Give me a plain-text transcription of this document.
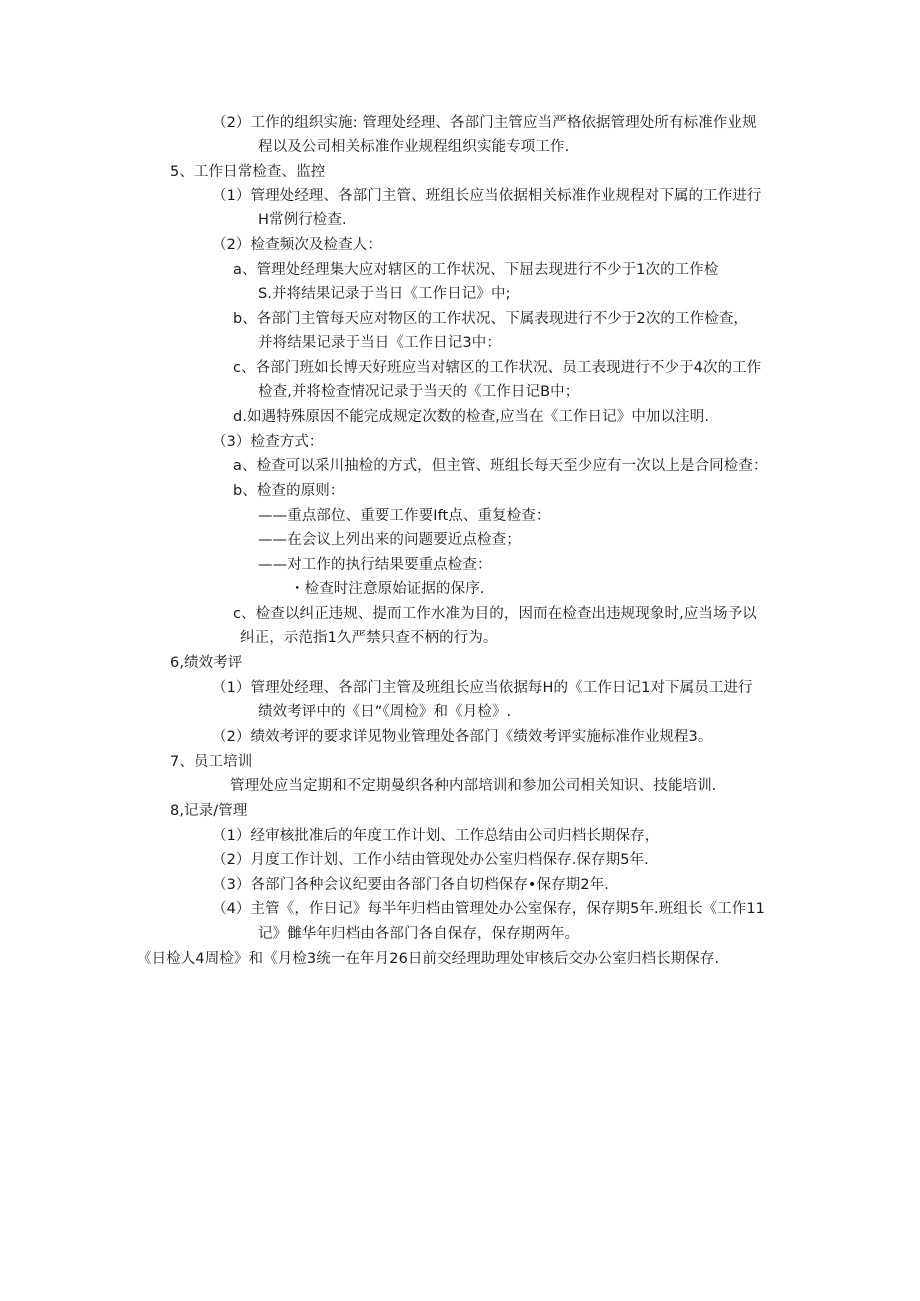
（2）工作的组织实施: 管理处经理、各部门主管应当严格依据管理处所有标准作业规
程以及公司相关标准作业规程组织实能专项工作.
5、工作日常检查、监控
（1）管理处经理、各部门主管、班组长应当依据相关标准作业规程对下属的工作进行
H常例行检查.
（2）检查频次及检查人：
a、管理处经理集大应对辖区的工作状况、下屈去现进行不少于1次的工作检
S.并将结果记录于当日《工作日记》中;
b、各部门主管每天应对物区的工作状况、下属表现进行不少于2次的工作检查，
并将结果记录于当日《工作日记3中：
c、各部门班如长博天好班应当对辖区的工作状况、员工表现进行不少于4次的工作
检查,并将检查情况记录于当天的《工作日记B中；
d.如遇特殊原因不能完成规定次数的检查,应当在《工作日记》中加以注明.
（3）检查方式：
a、检查可以采川抽检的方式，但主管、班组长每天至少应有一次以上是合同检查：
b、检查的原则：
——重点部位、重要工作要Ift点、重复检查：
——在会议上列出来的问题要近点检查；
——对工作的执行结果要重点检查：
・检查时注意原始证据的保序.
c、检查以纠正违规、提而工作水准为目的，因而在检查出违规现象时,应当场予以
纠正，示范指1久严禁只查不柄的行为。
6,绩效考评
（1）管理处经理、各部门主管及班组长应当依据每H的《工作日记1对下属员工进行
绩效考评中的《日”《周检》和《月检》.
（2）绩效考评的要求详见物业管理处各部门《绩效考评实施标准作业规程3。
7、员工培训
管理处应当定期和不定期曼织各种内部培训和参加公司相关知识、技能培训.
8,记录/管理
（1）经审核批准后的年度工作计划、工作总结由公司归档长期保存，
（2）月度工作计划、工作小结由管现处办公室归档保存.保存期5年.
（3）各部门各种会议纪要由各部门各自切档保存•保存期2年.
（4）主管《，作日记》每半年归档由管理处办公室保存，保存期5年.班组长《工作11
记》雠华年归档由各部门各自保存，保存期两年。
《日检人4周检》和《月检3统一在年月26日前交经理助理处审核后交办公室归档长期保存.
